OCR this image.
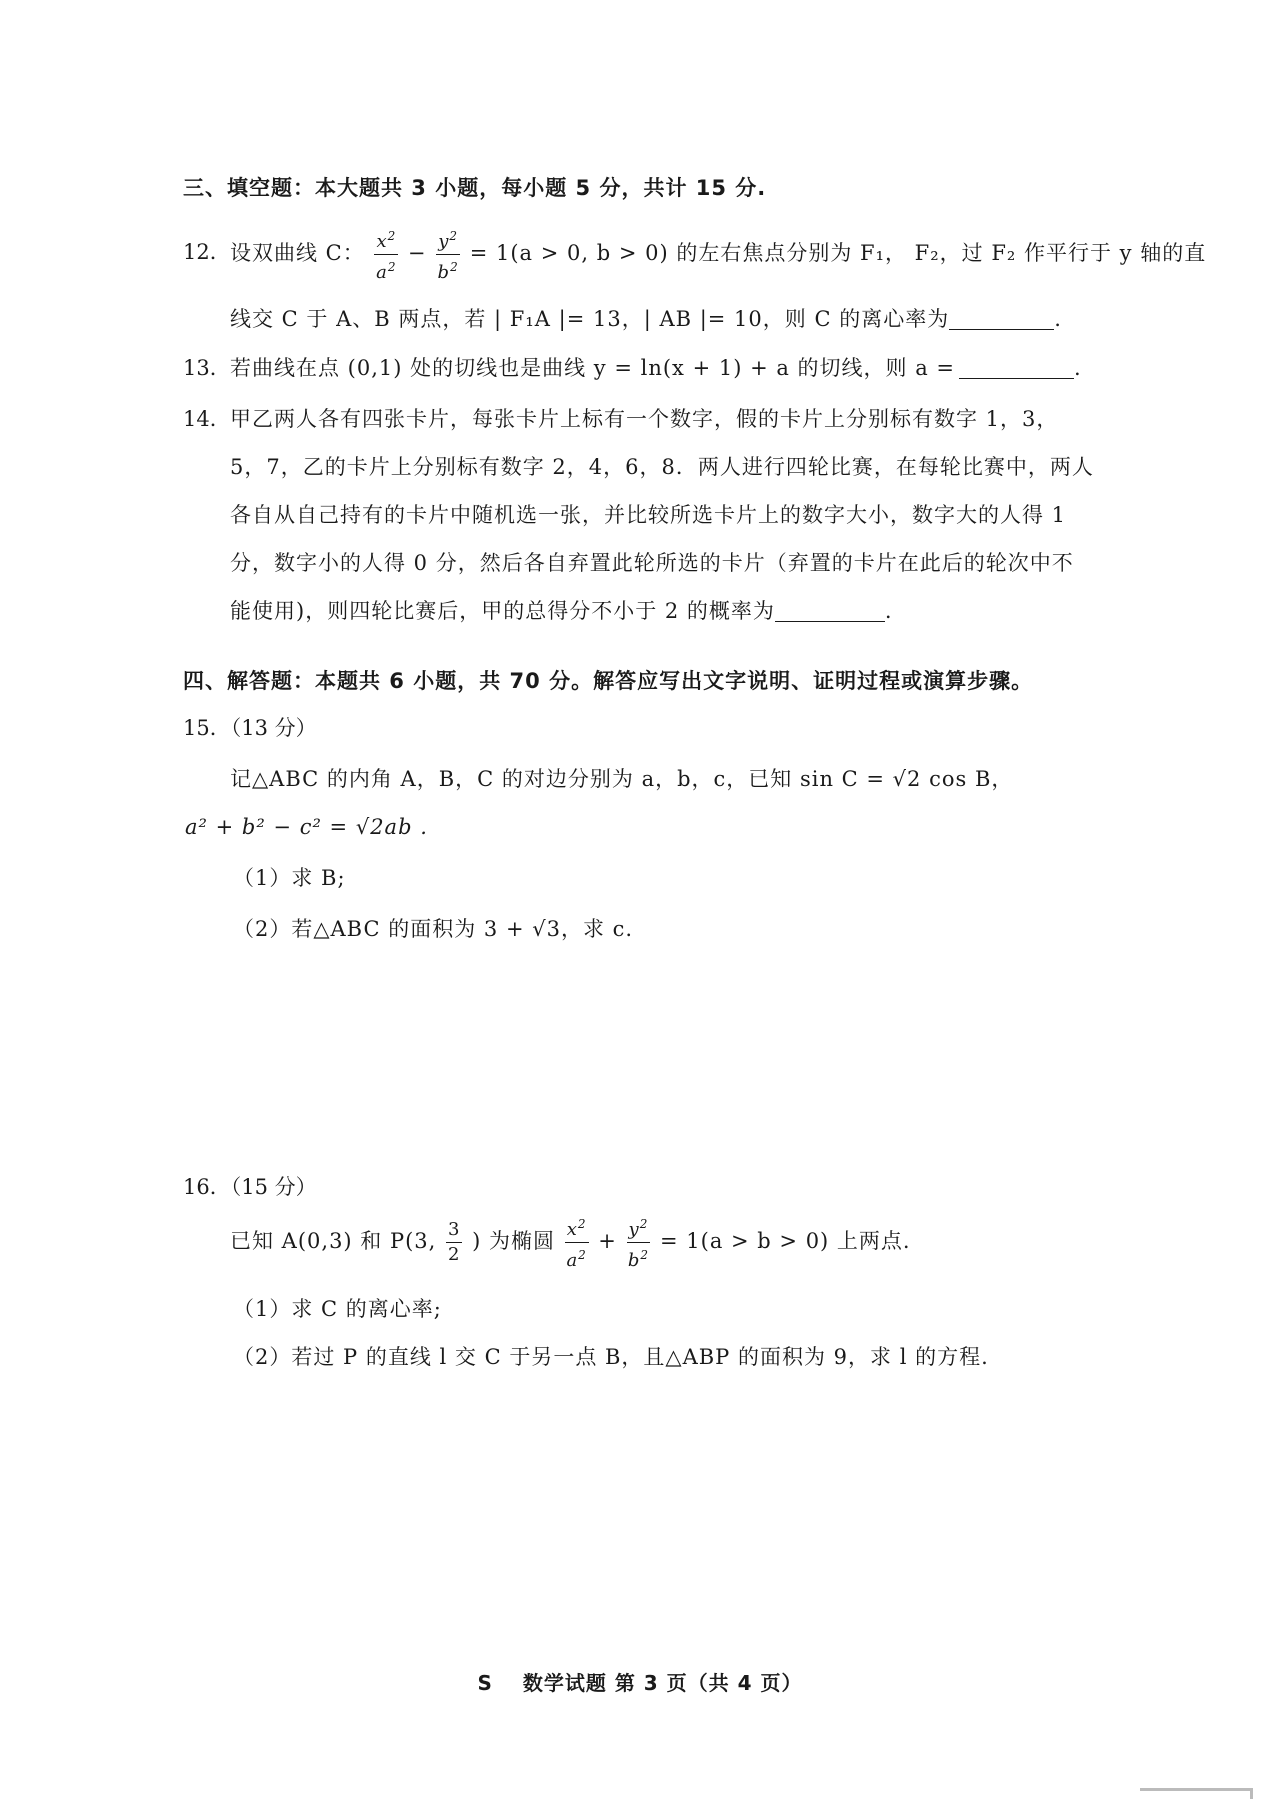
三、填空题：本大题共 3 小题，每小题 5 分，共计 15 分.
12． 设双曲线 C： $\frac{x^2}{a^2} - \frac{y^2}{b^2} = 1(a > 0$, b > 0) 的左右焦点分别为 F₁， F₂，过 F₂ 作平行于 y 轴的直
线交 C 于 A、B 两点，若 | F₁A |= 13，| AB |= 10，则 C 的离心率为	.
13． 若曲线在点 (0,1) 处的切线也是曲线 y = ln(x + 1) + a 的切线，则 a =	.
14． 甲乙两人各有四张卡片，每张卡片上标有一个数字，假的卡片上分别标有数字 1，3，
5，7，乙的卡片上分别标有数字 2，4，6，8．两人进行四轮比赛，在每轮比赛中，两人
各自从自己持有的卡片中随机选一张，并比较所选卡片上的数字大小，数字大的人得 1
分，数字小的人得 0 分，然后各自弃置此轮所选的卡片（弃置的卡片在此后的轮次中不
能使用)，则四轮比赛后，甲的总得分不小于 2 的概率为	.
四、解答题：本题共 6 小题，共 70 分。解答应写出文字说明、证明过程或演算步骤。
15．（13 分）
记△ABC 的内角 A，B，C 的对边分别为 a，b，c，已知 sin C = √2 cos B，
a² + b² − c² = √2ab .
（1）求 B;
（2）若△ABC 的面积为 3 + √3，求 c.
16．（15 分）
已知 A(0,3) 和 P(3, $\frac{3}{2}$ ) 为椭圆 $\frac{x^2}{a^2} + \frac{y^2}{b^2} = 1(a > b > 0)$ 上两点.
（1）求 C 的离心率;
（2）若过 P 的直线 l 交 C 于另一点 B，且△ABP 的面积为 9，求 l 的方程.
S 数学试题 第 3 页（共 4 页）
